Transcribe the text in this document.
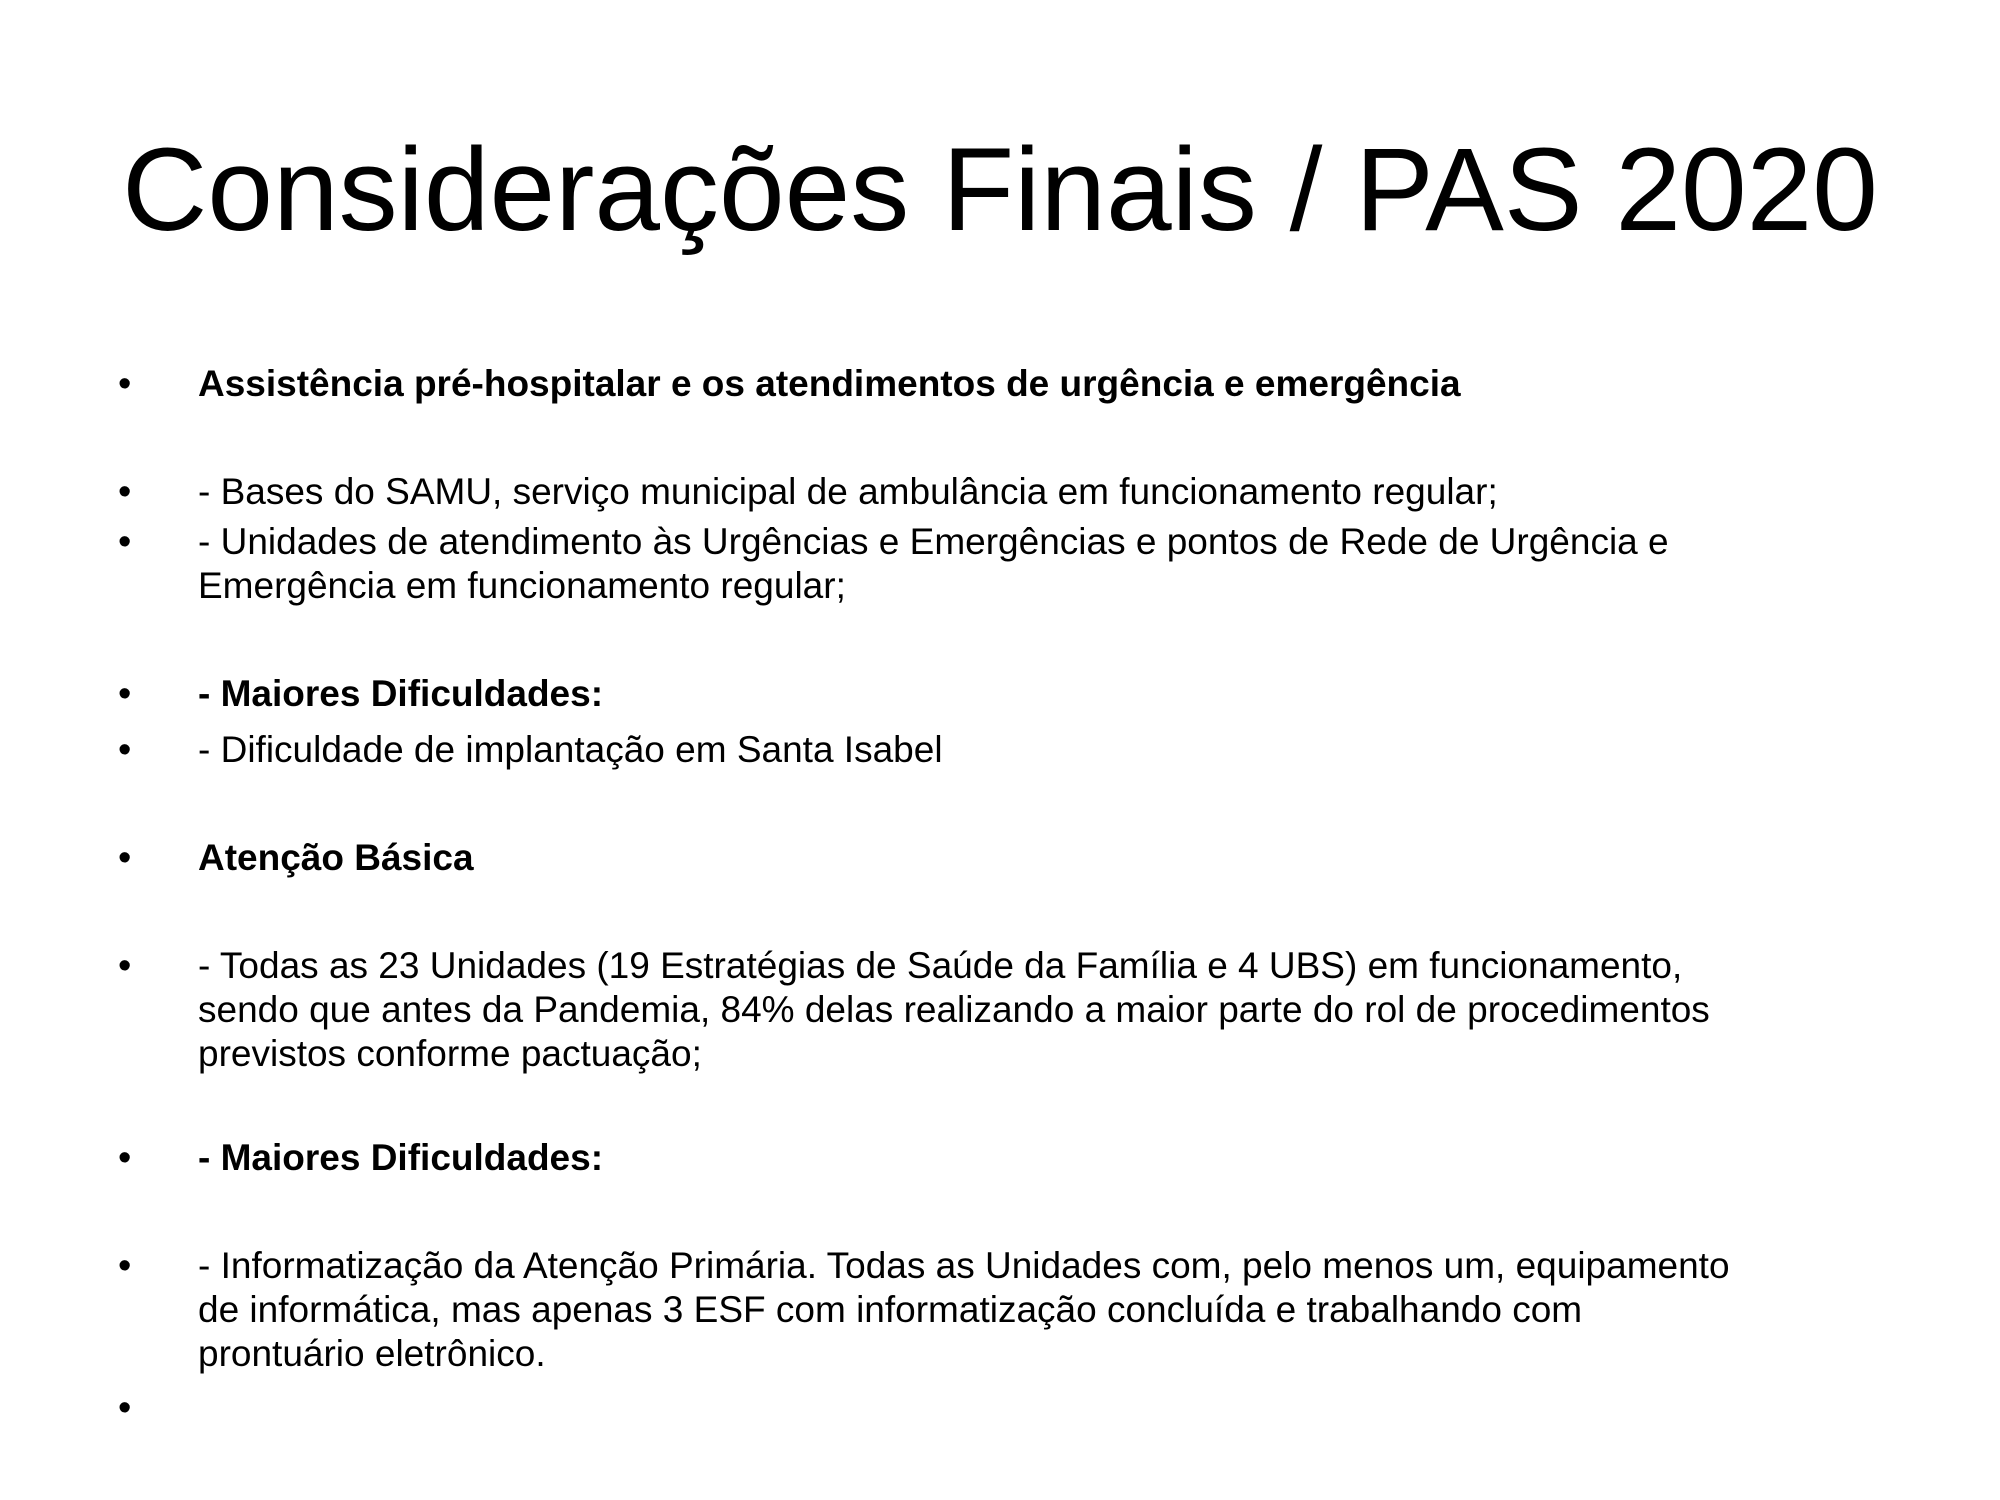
Considerações Finais / PAS 2020
•	Assistência pré-hospitalar e os atendimentos de urgência e emergência
•	- Bases do SAMU, serviço municipal de ambulância em funcionamento regular;
•	- Unidades de atendimento às Urgências e Emergências e pontos de Rede de Urgência e
Emergência em funcionamento regular;
•	- Maiores Dificuldades:
•	- Dificuldade de implantação em Santa Isabel
•	Atenção Básica
•	- Todas as 23 Unidades (19 Estratégias de Saúde da Família e 4 UBS) em funcionamento,
sendo que antes da Pandemia, 84% delas realizando a maior parte do rol de procedimentos
previstos conforme pactuação;
•	- Maiores Dificuldades:
•	- Informatização da Atenção Primária. Todas as Unidades com, pelo menos um, equipamento
de informática, mas apenas 3 ESF com informatização concluída e trabalhando com
prontuário eletrônico.
•
